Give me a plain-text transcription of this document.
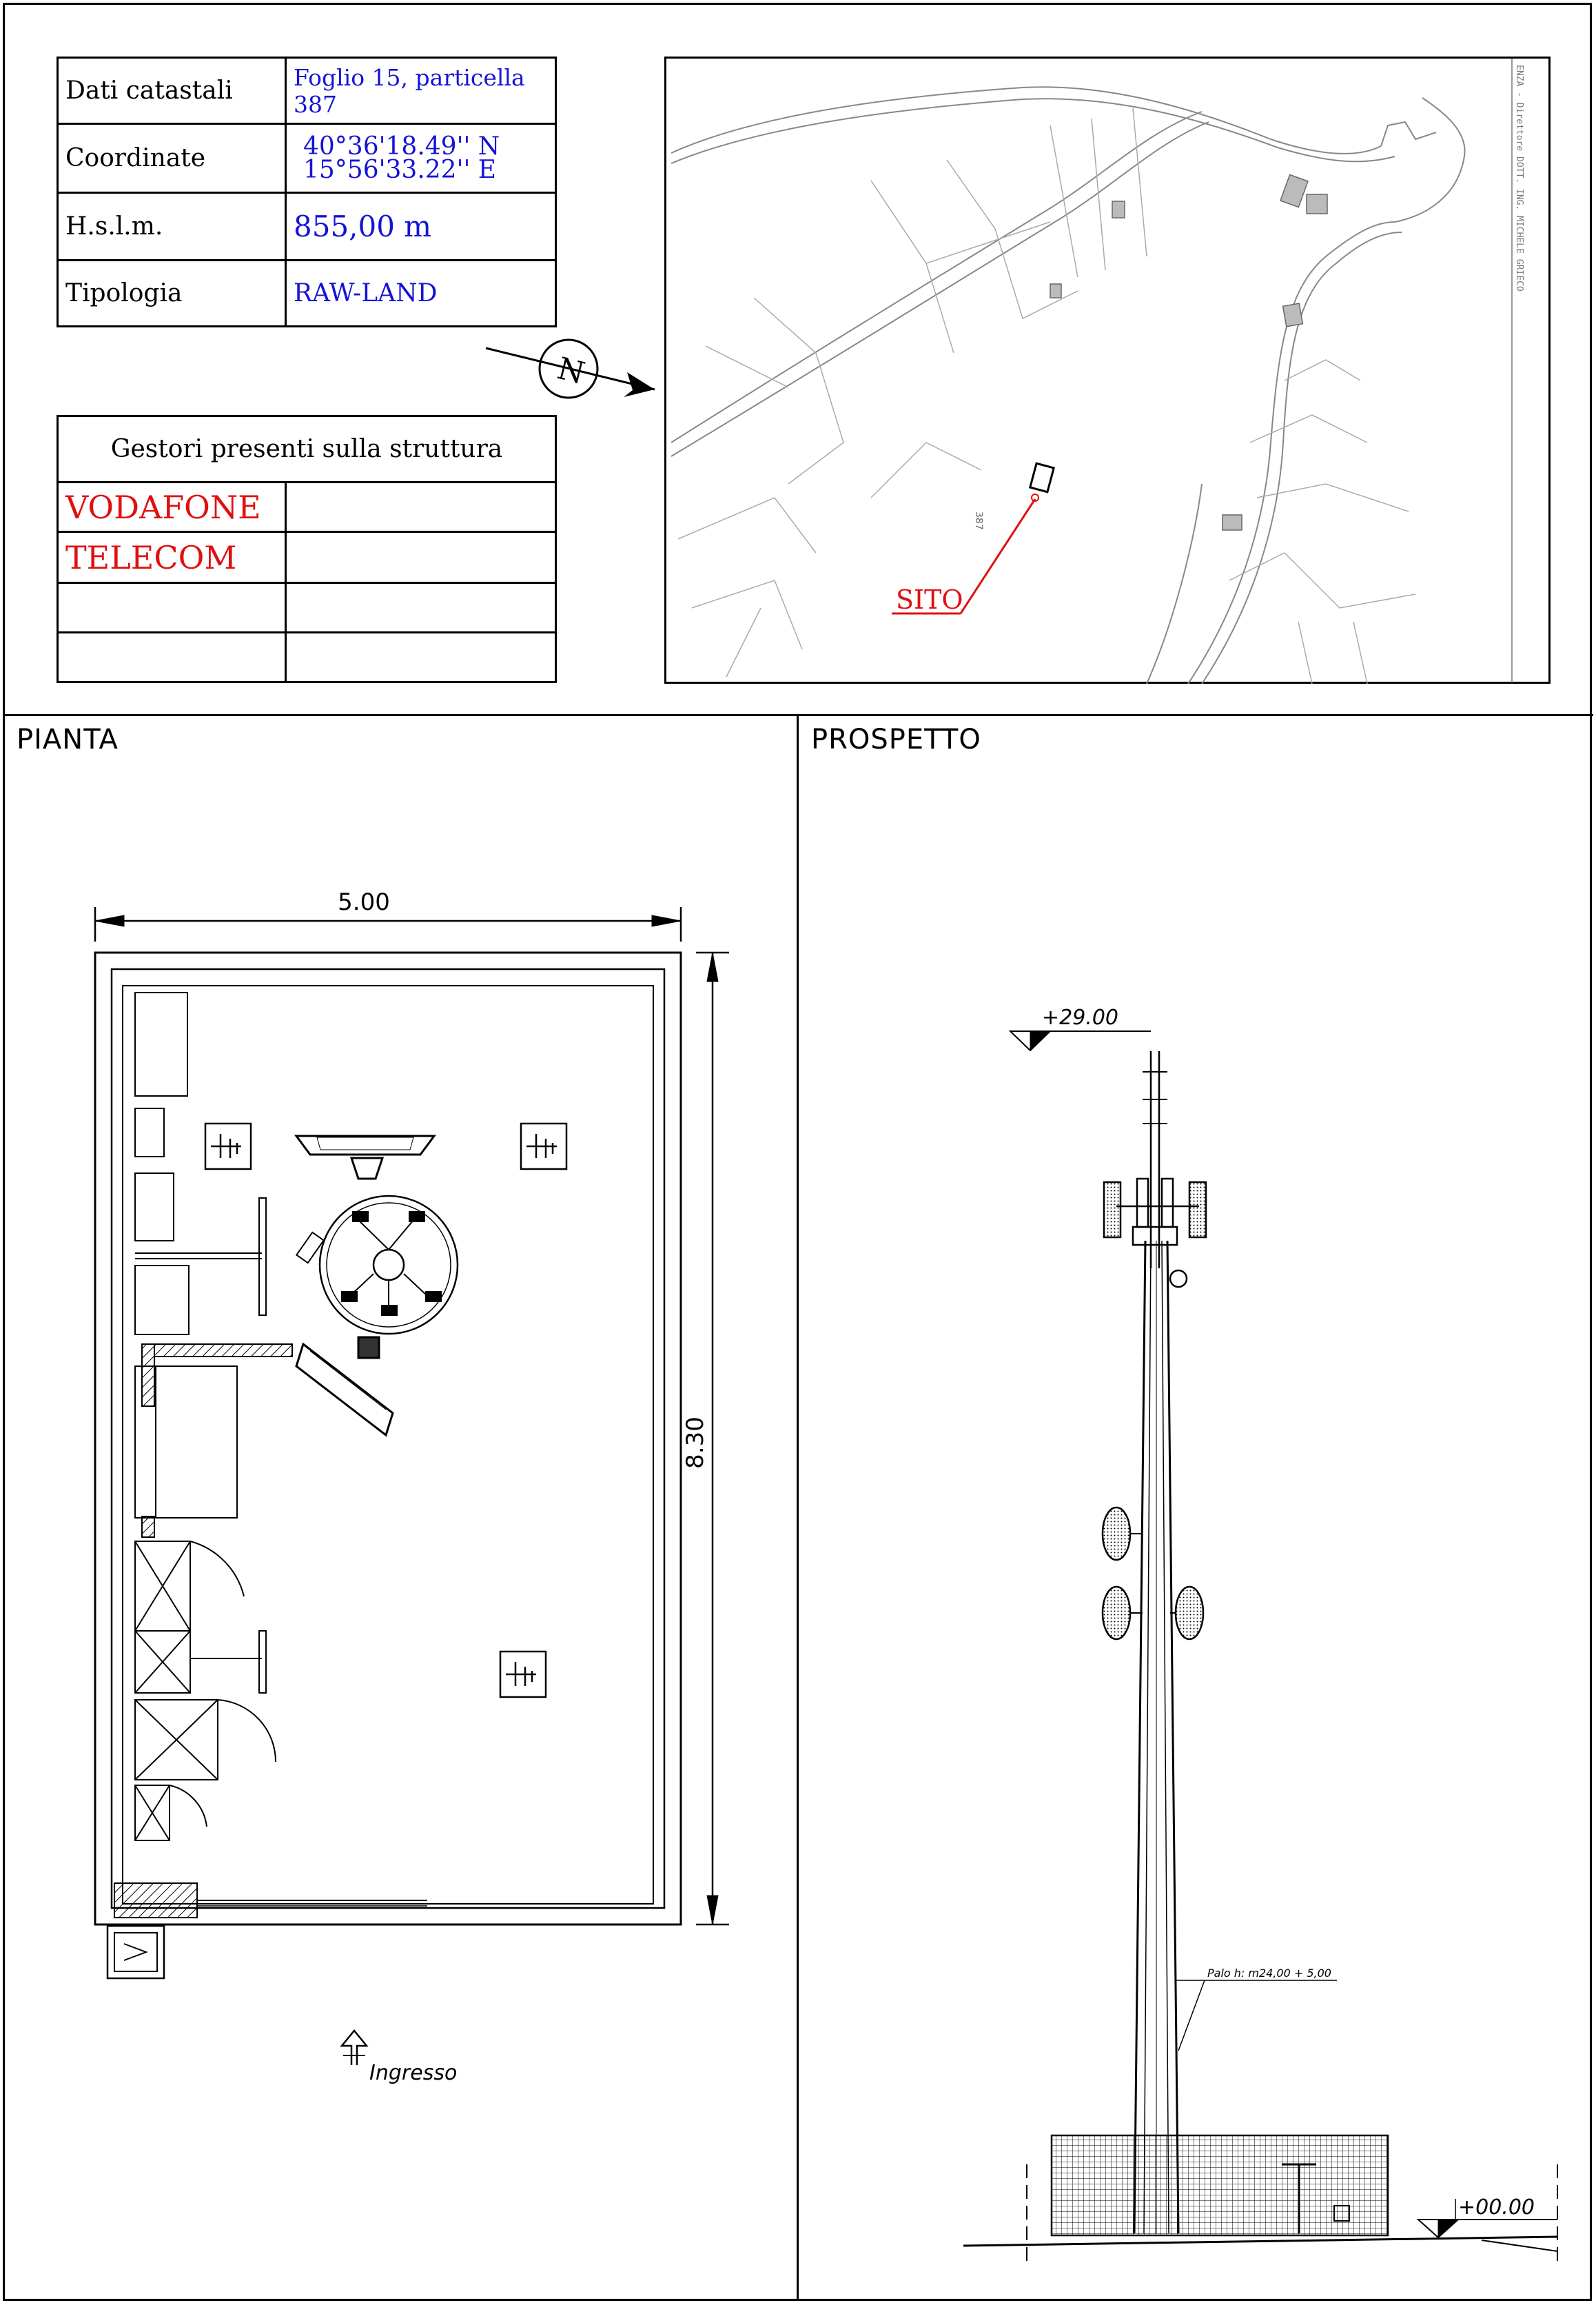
Dati catastali	Foglio 15, particella 387
Coordinate	40°36'18.49'' N
15°56'33.22'' E

H.s.l.m.	855,00 m
Tipologia	RAW-LAND
Gestori presenti sulla struttura	
VODAFONE	
TELECOM	

N
ENZA - Direttore DOTT. ING. MICHELE GRIECO
387
SITO
PIANTA	PROSPETTO
5.00
8.30
Ingresso
+29.00
+00.00
Palo h: m24,00 + 5,00
